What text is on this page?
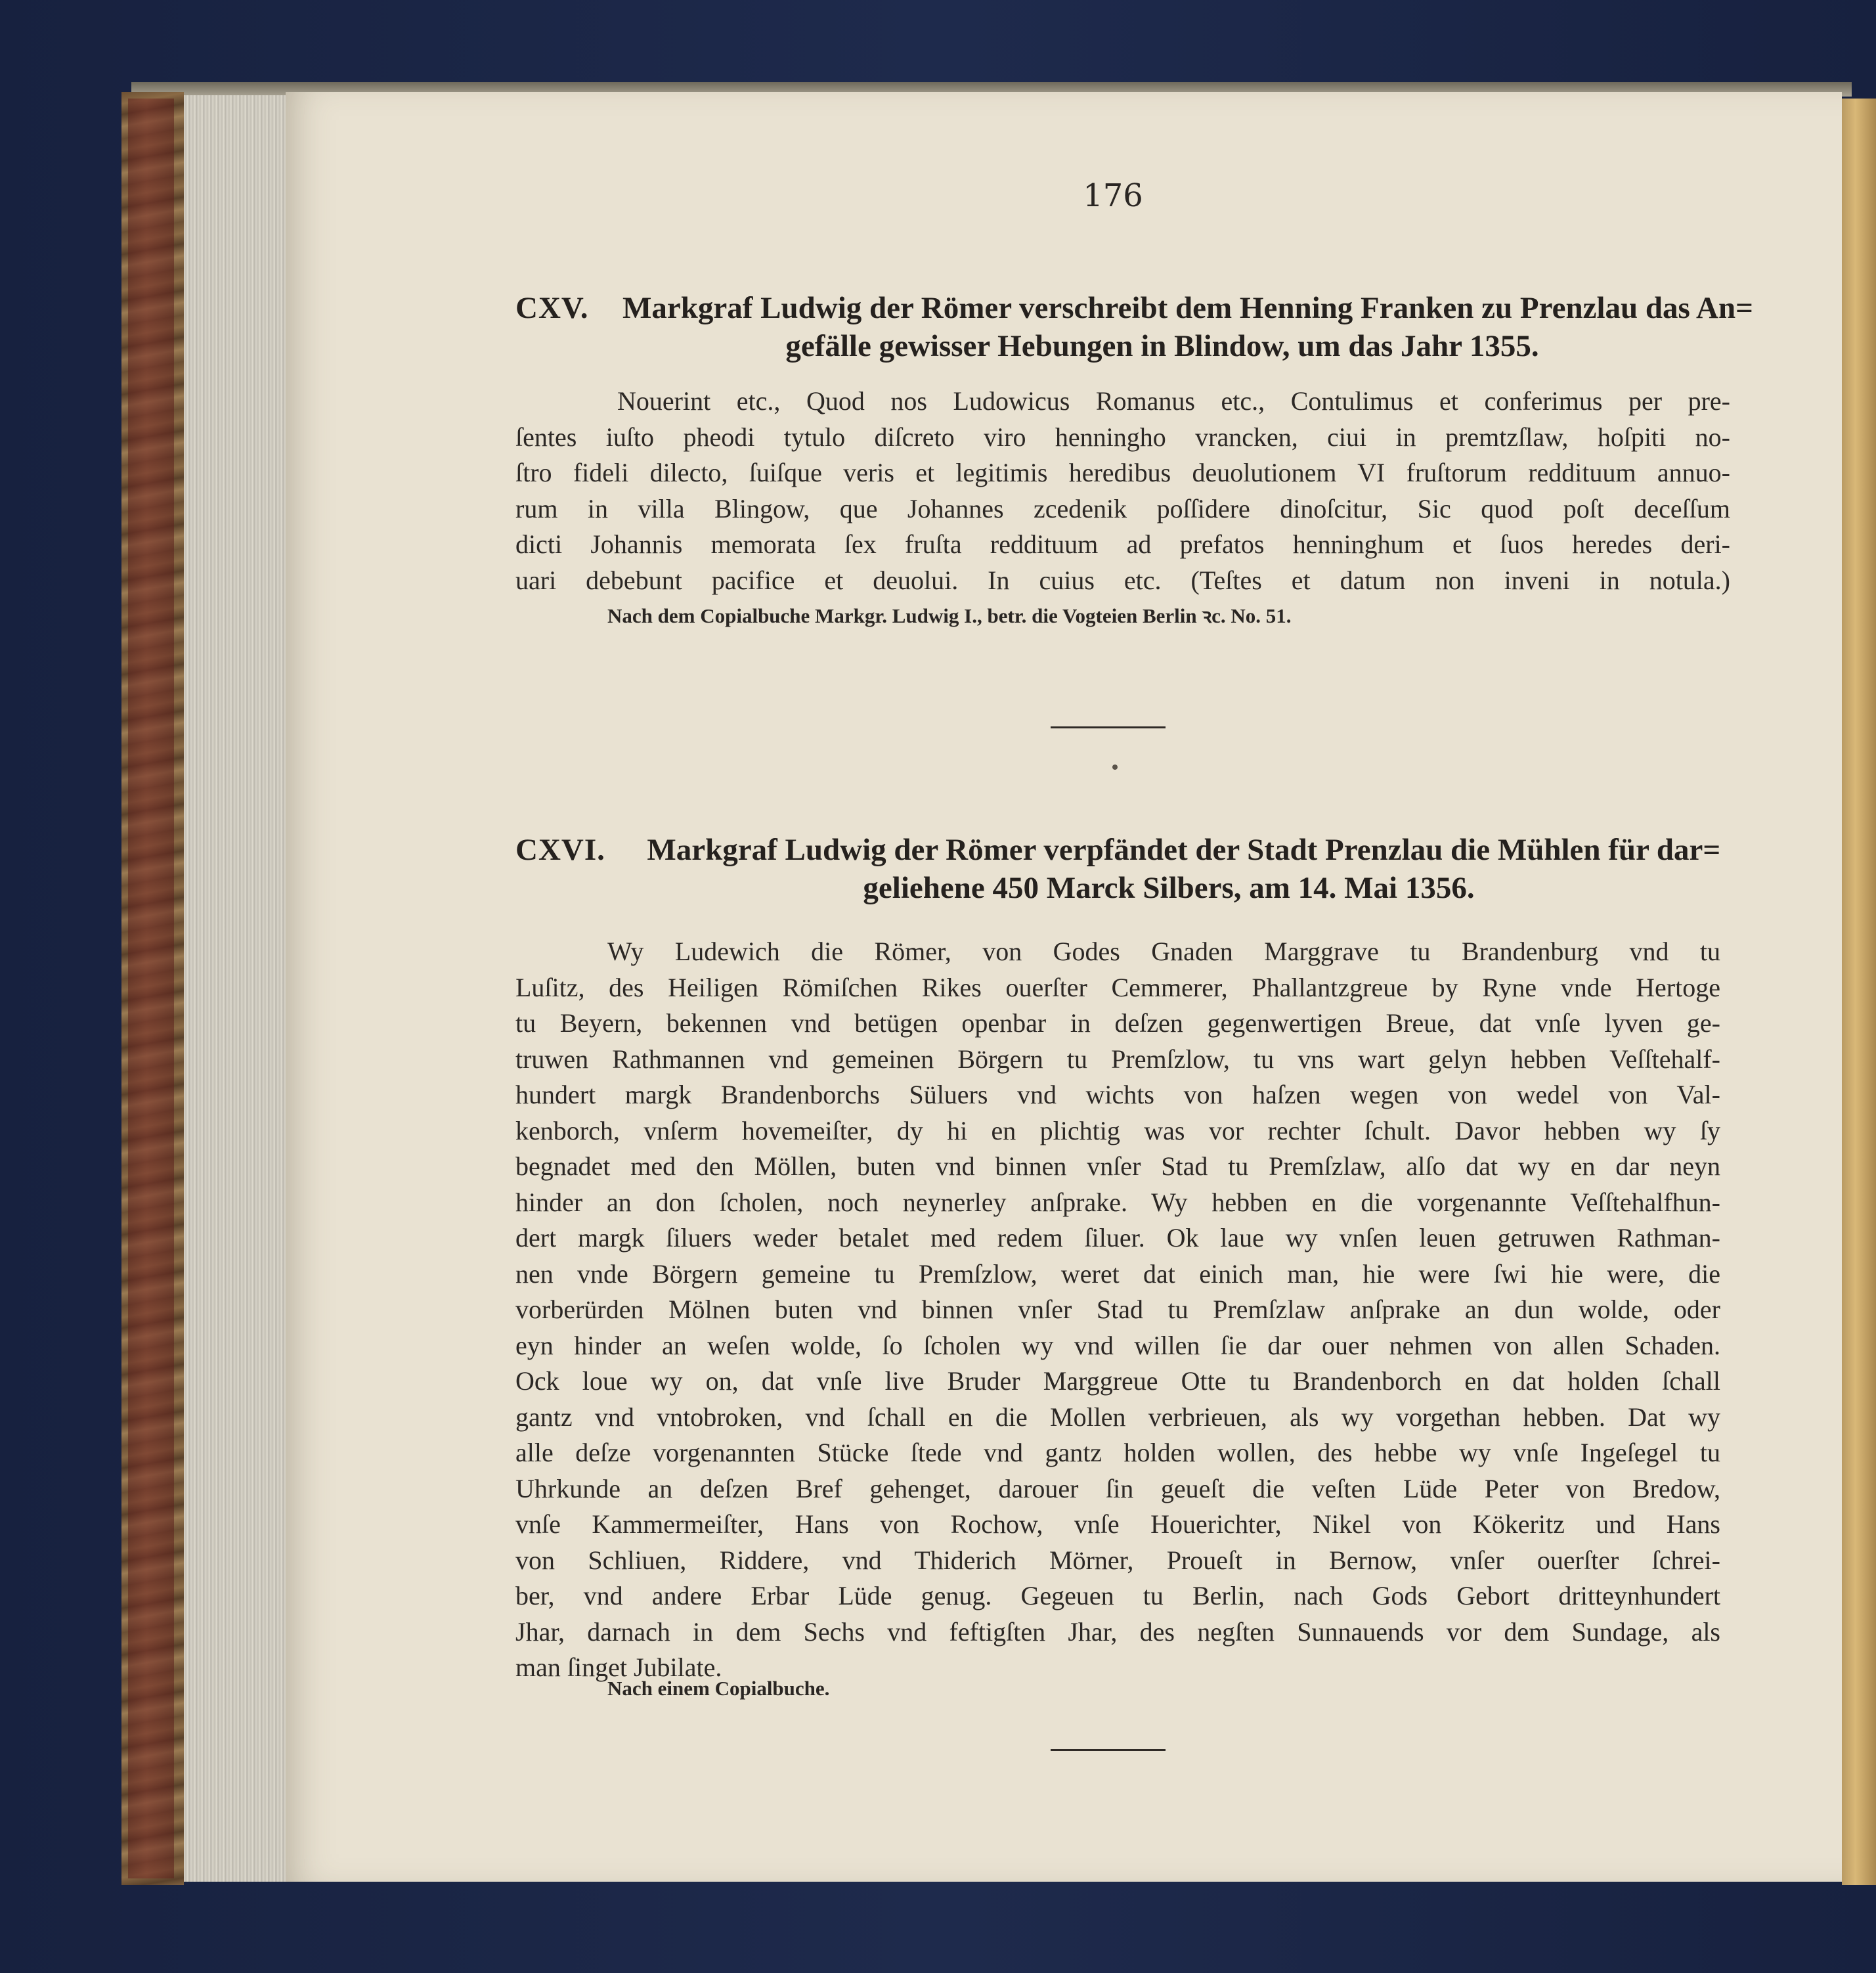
176
CXV. Markgraf Ludwig der Römer verschreibt dem Henning Franken zu Prenzlau das An=
gefälle gewisser Hebungen in Blindow, um das Jahr 1355.
Nouerint etc., Quod nos Ludowicus Romanus etc., Contulimus et conferimus per pre-
ſentes iuſto pheodi tytulo diſcreto viro henningho vrancken, ciui in premtzſlaw, hoſpiti no-
ſtro fideli dilecto, ſuiſque veris et legitimis heredibus deuolutionem VI fruſtorum reddituum annuo-
rum in villa Blingow, que Johannes zcedenik poſſidere dinoſcitur, Sic quod poſt deceſſum
dicti Johannis memorata ſex fruſta reddituum ad prefatos henninghum et ſuos heredes deri-
uari debebunt pacifice et deuolui. In cuius etc. (Teſtes et datum non inveni in notula.)
Nach dem Copialbuche Markgr. Ludwig I., betr. die Vogteien Berlin ꝛc. No. 51.
CXVI. Markgraf Ludwig der Römer verpfändet der Stadt Prenzlau die Mühlen für dar=
geliehene 450 Marck Silbers, am 14. Mai 1356.
Wy Ludewich die Römer, von Godes Gnaden Marggrave tu Brandenburg vnd tu
Luſitz, des Heiligen Römiſchen Rikes ouerſter Cemmerer, Phallantzgreue by Ryne vnde Hertoge
tu Beyern, bekennen vnd betügen openbar in deſzen gegenwertigen Breue, dat vnſe lyven ge-
truwen Rathmannen vnd gemeinen Börgern tu Premſzlow, tu vns wart gelyn hebben Veſſtehalf-
hundert margk Brandenborchs Süluers vnd wichts von haſzen wegen von wedel von Val-
kenborch, vnſerm hovemeiſter, dy hi en plichtig was vor rechter ſchult. Davor hebben wy ſy
begnadet med den Möllen, buten vnd binnen vnſer Stad tu Premſzlaw, alſo dat wy en dar neyn
hinder an don ſcholen, noch neynerley anſprake. Wy hebben en die vorgenannte Veſſtehalfhun-
dert margk ſiluers weder betalet med redem ſiluer. Ok laue wy vnſen leuen getruwen Rathman-
nen vnde Börgern gemeine tu Premſzlow, weret dat einich man, hie were ſwi hie were, die
vorberürden Mölnen buten vnd binnen vnſer Stad tu Premſzlaw anſprake an dun wolde, oder
eyn hinder an weſen wolde, ſo ſcholen wy vnd willen ſie dar ouer nehmen von allen Schaden.
Ock loue wy on, dat vnſe live Bruder Marggreue Otte tu Brandenborch en dat holden ſchall
gantz vnd vntobroken, vnd ſchall en die Mollen verbrieuen, als wy vorgethan hebben. Dat wy
alle deſze vorgenannten Stücke ſtede vnd gantz holden wollen, des hebbe wy vnſe Ingeſegel tu
Uhrkunde an deſzen Bref gehenget, darouer ſin geueſt die veſten Lüde Peter von Bredow,
vnſe Kammermeiſter, Hans von Rochow, vnſe Houerichter, Nikel von Kökeritz und Hans
von Schliuen, Riddere, vnd Thiderich Mörner, Proueſt in Bernow, vnſer ouerſter ſchrei-
ber, vnd andere Erbar Lüde genug. Gegeuen tu Berlin, nach Gods Gebort dritteynhundert
Jhar, darnach in dem Sechs vnd feftigſten Jhar, des negſten Sunnauends vor dem Sundage, als
man ſinget Jubilate.
Nach einem Copialbuche.
